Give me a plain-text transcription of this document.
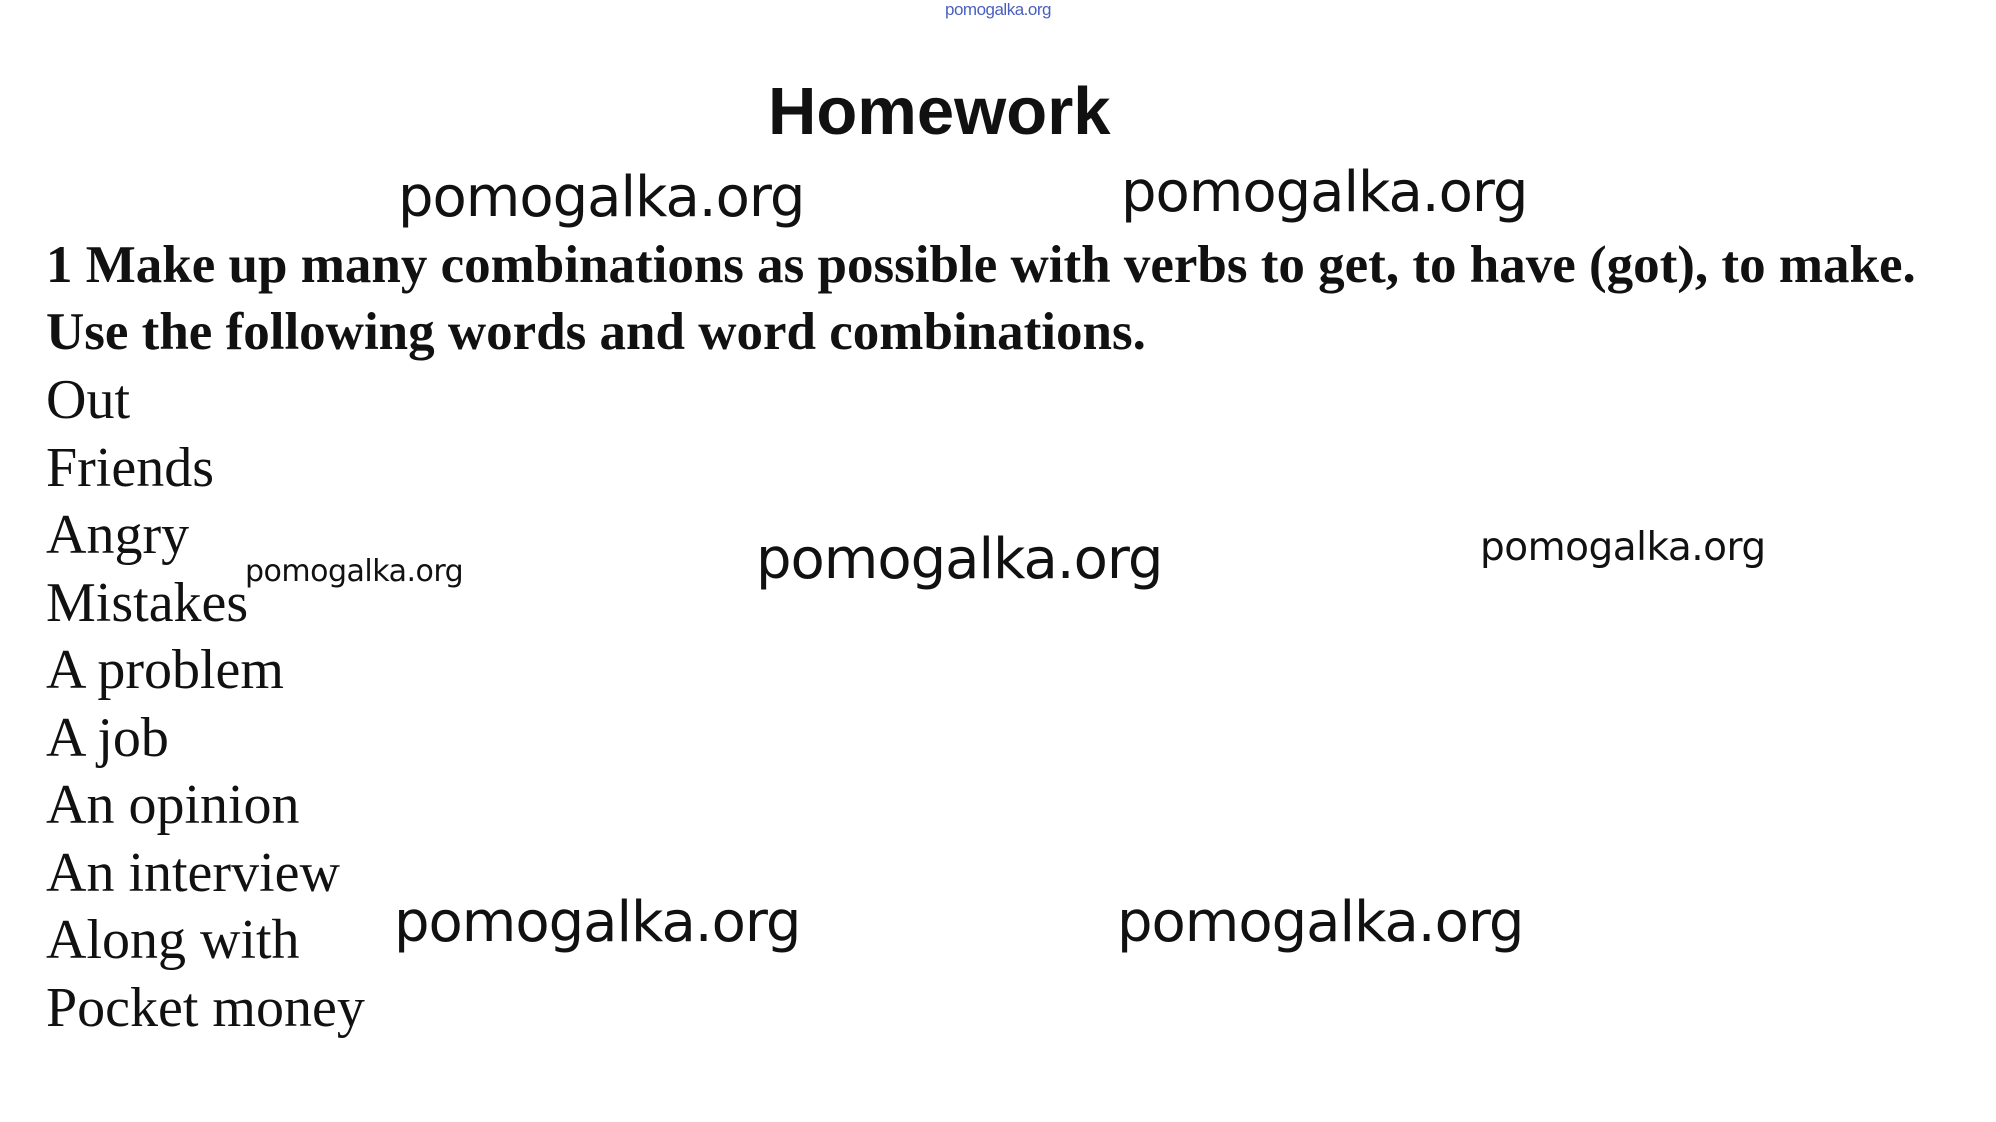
pomogalka.org
Homework
pomogalka.org	pomogalka.org

1 Make up many combinations as possible with verbs to get, to have (got), to make. Use the following words and word combinations.

Out
Friends
Angry
Mistakes
A problem
A job
An opinion
An interview
Along with
Pocket money
pomogalka.org	pomogalka.org	pomogalka.org
pomogalka.org	pomogalka.org
